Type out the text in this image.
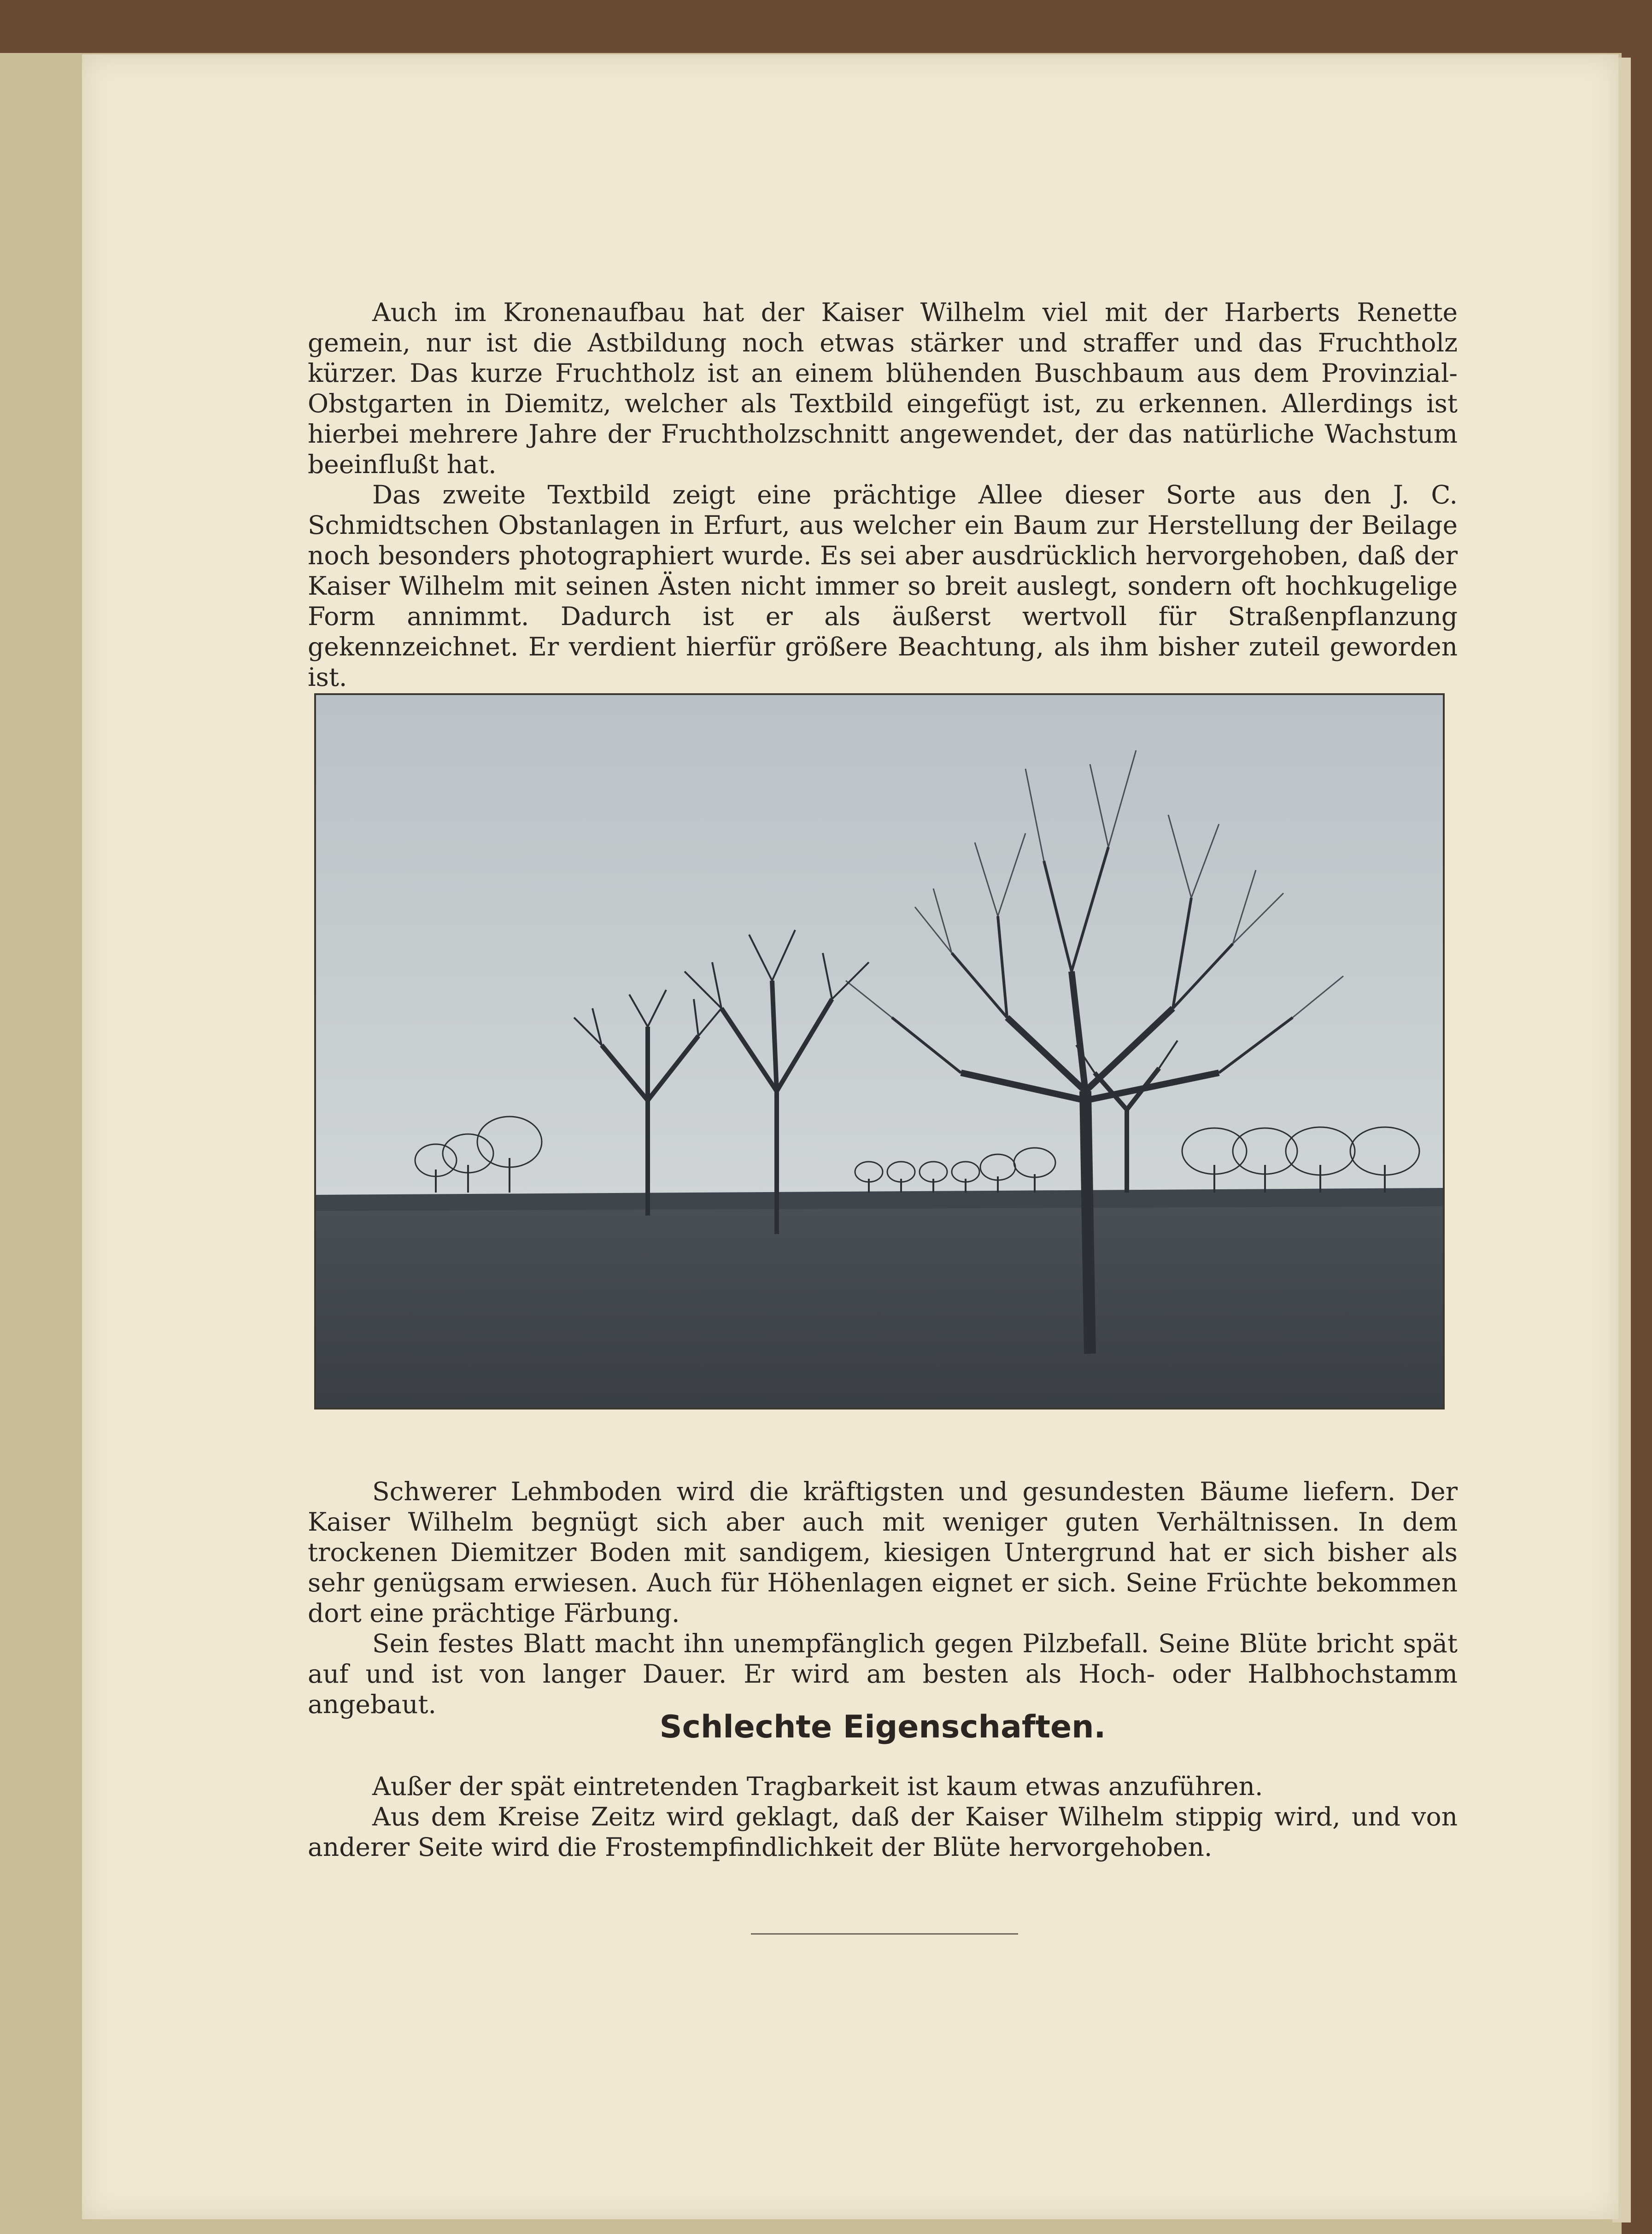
Auch im Kronenaufbau hat der Kaiser Wilhelm viel mit der Harberts Renette gemein, nur ist die Astbildung noch etwas stärker und straffer und das Fruchtholz kürzer. Das kurze Fruchtholz ist an einem blühenden Buschbaum aus dem Provinzial-Obstgarten in Diemitz, welcher als Textbild eingefügt ist, zu erkennen. Allerdings ist hierbei mehrere Jahre der Fruchtholzschnitt angewendet, der das natürliche Wachstum beeinflußt hat.

Das zweite Textbild zeigt eine prächtige Allee dieser Sorte aus den J. C. Schmidtschen Obstanlagen in Erfurt, aus welcher ein Baum zur Herstellung der Beilage noch besonders photographiert wurde. Es sei aber ausdrücklich hervorgehoben, daß der Kaiser Wilhelm mit seinen Ästen nicht immer so breit auslegt, sondern oft hochkugelige Form annimmt. Dadurch ist er als äußerst wertvoll für Straßenpflanzung gekennzeichnet. Er verdient hierfür größere Beachtung, als ihm bisher zuteil geworden ist.

Schwerer Lehmboden wird die kräftigsten und gesundesten Bäume liefern. Der Kaiser Wilhelm begnügt sich aber auch mit weniger guten Verhältnissen. In dem trockenen Diemitzer Boden mit sandigem, kiesigen Untergrund hat er sich bisher als sehr genügsam erwiesen. Auch für Höhenlagen eignet er sich. Seine Früchte bekommen dort eine prächtige Färbung.

Sein festes Blatt macht ihn unempfänglich gegen Pilzbefall. Seine Blüte bricht spät auf und ist von langer Dauer. Er wird am besten als Hoch- oder Halbhochstamm angebaut.

Schlechte Eigenschaften.

Außer der spät eintretenden Tragbarkeit ist kaum etwas anzuführen.

Aus dem Kreise Zeitz wird geklagt, daß der Kaiser Wilhelm stippig wird, und von anderer Seite wird die Frostempfindlichkeit der Blüte hervorgehoben.
